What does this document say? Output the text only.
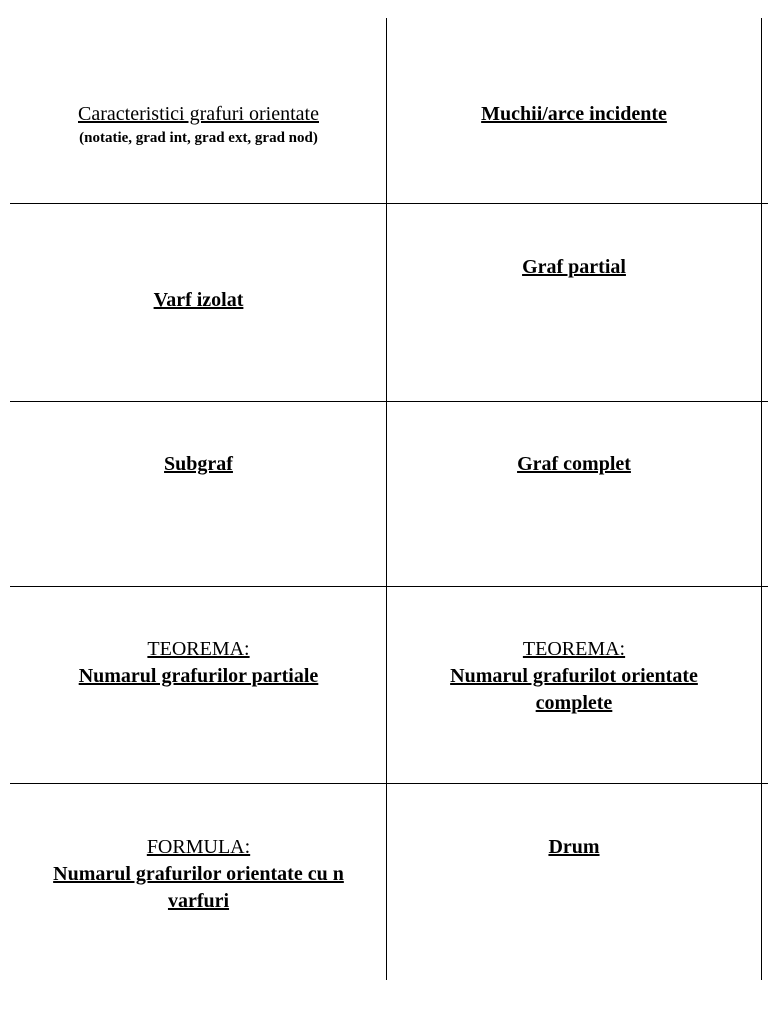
Caracteristici grafuri orientate
(notatie, grad int, grad ext, grad nod)
Muchii/arce incidente
Varf izolat
Graf partial
Subgraf	Graf complet
TEOREMA:
Numarul grafurilor partiale
TEOREMA:
Numarul grafurilot orientate complete
FORMULA:
Numarul grafurilor orientate cu n varfuri
Drum
